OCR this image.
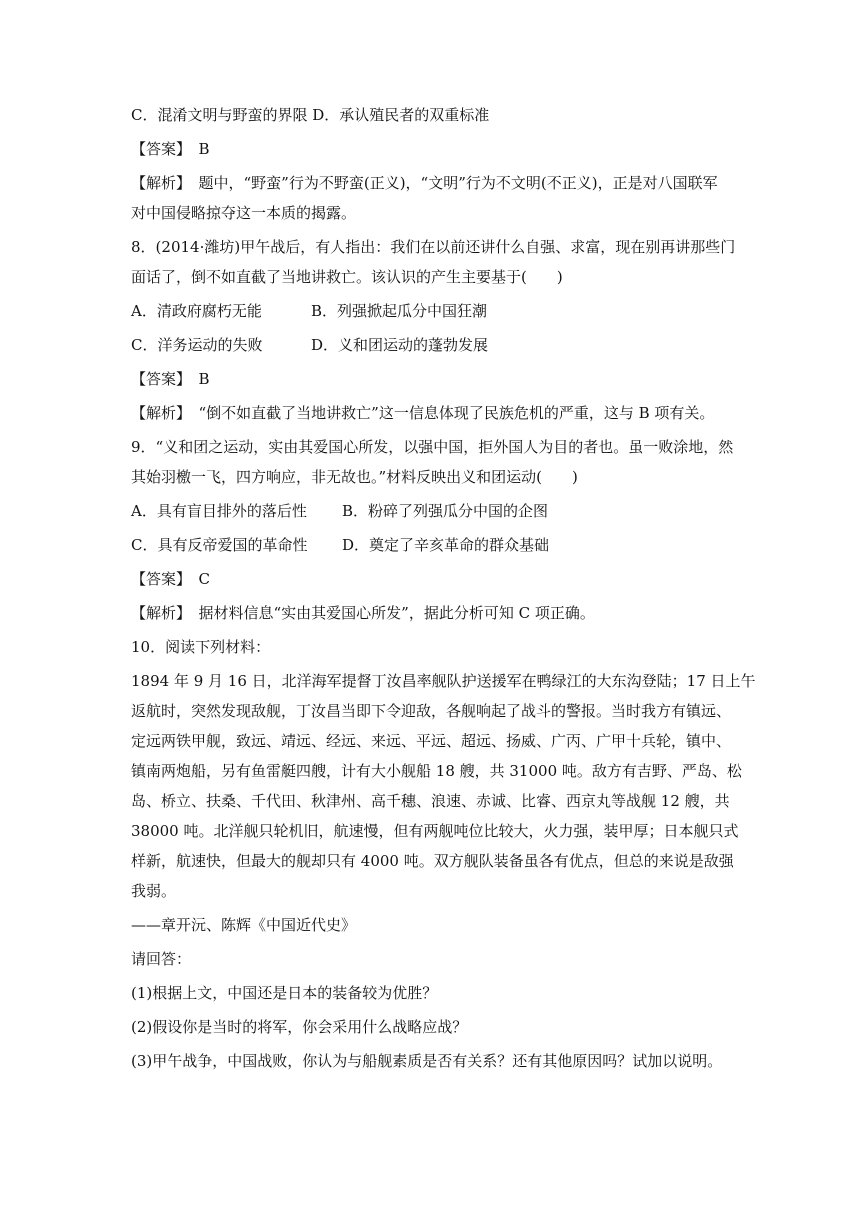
C．混淆文明与野蛮的界限 D．承认殖民者的双重标准
【答案】　B
【解析】　题中，“野蛮”行为不野蛮(正义)，“文明”行为不文明(不正义)，正是对八国联军
对中国侵略掠夺这一本质的揭露。
8．(2014·潍坊)甲午战后，有人指出：我们在以前还讲什么自强、求富，现在别再讲那些门
面话了，倒不如直截了当地讲救亡。该认识的产生主要基于(　　)
A．清政府腐朽无能	B．列强掀起瓜分中国狂潮
C．洋务运动的失败	D．义和团运动的蓬勃发展
【答案】　B
【解析】　“倒不如直截了当地讲救亡”这一信息体现了民族危机的严重，这与 B 项有关。
9．“义和团之运动，实由其爱国心所发，以强中国，拒外国人为目的者也。虽一败涂地，然
其始羽檄一飞，四方响应，非无故也。”材料反映出义和团运动(　　)
A．具有盲目排外的落后性 B．粉碎了列强瓜分中国的企图
C．具有反帝爱国的革命性 D．奠定了辛亥革命的群众基础
【答案】　C
【解析】　据材料信息“实由其爱国心所发”，据此分析可知 C 项正确。
10．阅读下列材料：
1894 年 9 月 16 日，北洋海军提督丁汝昌率舰队护送援军在鸭绿江的大东沟登陆；17 日上午
返航时，突然发现敌舰，丁汝昌当即下令迎敌，各舰响起了战斗的警报。当时我方有镇远、
定远两铁甲舰，致远、靖远、经远、来远、平远、超远、扬威、广丙、广甲十兵轮，镇中、
镇南两炮船，另有鱼雷艇四艘，计有大小舰船 18 艘，共 31000 吨。敌方有吉野、严岛、松
岛、桥立、扶桑、千代田、秋津州、高千穗、浪速、赤诚、比睿、西京丸等战舰 12 艘，共
38000 吨。北洋舰只轮机旧，航速慢，但有两舰吨位比较大，火力强，装甲厚；日本舰只式
样新，航速快，但最大的舰却只有 4000 吨。双方舰队装备虽各有优点，但总的来说是敌强
我弱。
——章开沅、陈辉《中国近代史》
请回答：
(1)根据上文，中国还是日本的装备较为优胜？
(2)假设你是当时的将军，你会采用什么战略应战？
(3)甲午战争，中国战败，你认为与船舰素质是否有关系？还有其他原因吗？试加以说明。
